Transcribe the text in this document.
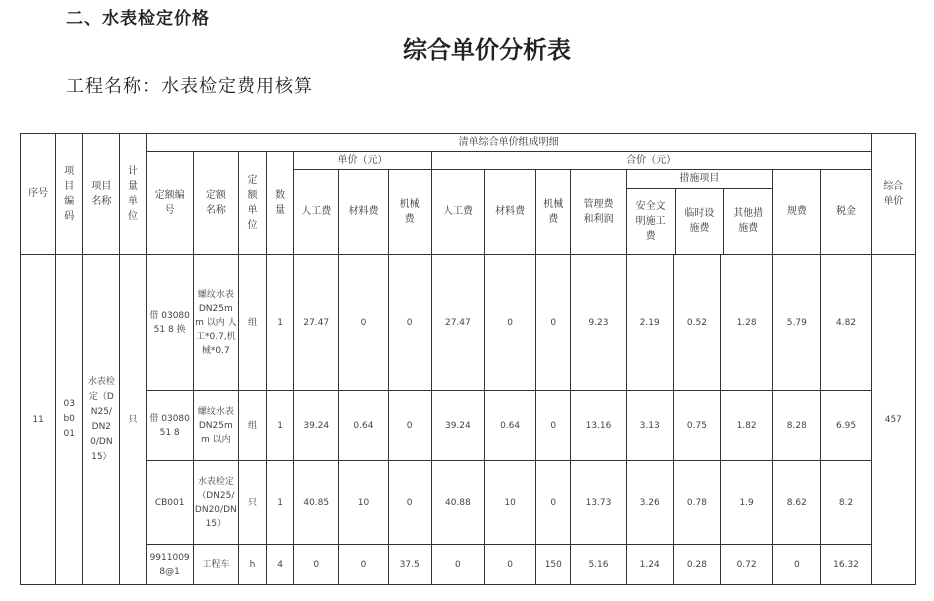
二、水表检定价格
综合单价分析表
工程名称：水表检定费用核算
序号	项目编码	项目名称	计量单位	清单综合单价组成明细	综合单价
定额编号	定额名称	定额单位	数量	单价（元）	合价（元）
人工费	材料费	机械费	人工费	材料费	机械费	管理费和利润	
措施项目
安全文明施工费	临时设施费	其他措施费
	规费	税金
11	03b001	水表检定（DN25/DN20/DN15）	只	借 0308051 8 换	螺纹水表 DN25mm 以内 人工*0.7,机械*0.7	组	1	27.47	0	0	27.47	0	0	9.23	2.19	0.52	1.28	5.79	4.82	457
借 0308051 8	螺纹水表 DN25mm 以内	组	1	39.24	0.64	0	39.24	0.64	0	13.16	3.13	0.75	1.82	8.28	6.95
CB001	水表检定（DN25/DN20/DN15）	只	1	40.85	10	0	40.88	10	0	13.73	3.26	0.78	1.9	8.62	8.2
9911009 8@1	工程车	h	4	0	0	37.5	0	0	150	5.16	1.24	0.28	0.72	0	16.32
